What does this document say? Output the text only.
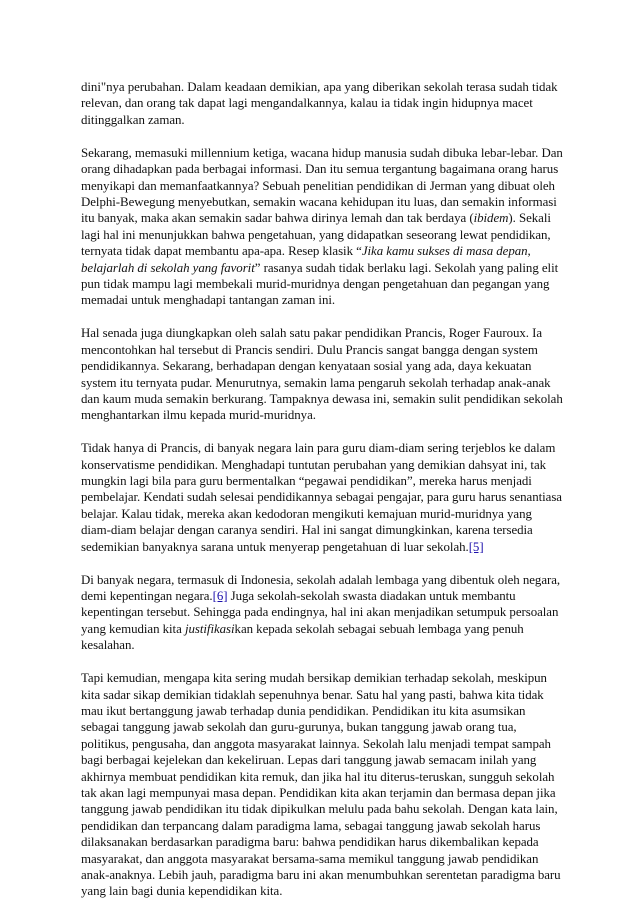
dini"nya perubahan. Dalam keadaan demikian, apa yang diberikan sekolah terasa sudah tidak relevan, dan orang tak dapat lagi mengandalkannya, kalau ia tidak ingin hidupnya macet ditinggalkan zaman.

Sekarang, memasuki millennium ketiga, wacana hidup manusia sudah dibuka lebar-lebar. Dan orang dihadapkan pada berbagai informasi. Dan itu semua tergantung bagaimana orang harus menyikapi dan memanfaatkannya? Sebuah penelitian pendidikan di Jerman yang dibuat oleh Delphi-Bewegung menyebutkan, semakin wacana kehidupan itu luas, dan semakin informasi itu banyak, maka akan semakin sadar bahwa dirinya lemah dan tak berdaya (ibidem). Sekali lagi hal ini menunjukkan bahwa pengetahuan, yang didapatkan seseorang lewat pendidikan, ternyata tidak dapat membantu apa-apa. Resep klasik “Jika kamu sukses di masa depan, belajarlah di sekolah yang favorit” rasanya sudah tidak berlaku lagi. Sekolah yang paling elit pun tidak mampu lagi membekali murid-muridnya dengan pengetahuan dan pegangan yang memadai untuk menghadapi tantangan zaman ini.

Hal senada juga diungkapkan oleh salah satu pakar pendidikan Prancis, Roger Fauroux. Ia mencontohkan hal tersebut di Prancis sendiri. Dulu Prancis sangat bangga dengan system pendidikannya. Sekarang, berhadapan dengan kenyataan sosial yang ada, daya kekuatan system itu ternyata pudar. Menurutnya, semakin lama pengaruh sekolah terhadap anak-anak dan kaum muda semakin berkurang. Tampaknya dewasa ini, semakin sulit pendidikan sekolah menghantarkan ilmu kepada murid-muridnya.

Tidak hanya di Prancis, di banyak negara lain para guru diam-diam sering terjeblos ke dalam konservatisme pendidikan. Menghadapi tuntutan perubahan yang demikian dahsyat ini, tak mungkin lagi bila para guru bermentalkan “pegawai pendidikan”, mereka harus menjadi pembelajar. Kendati sudah selesai pendidikannya sebagai pengajar, para guru harus senantiasa belajar. Kalau tidak, mereka akan kedodoran mengikuti kemajuan murid-muridnya yang diam-diam belajar dengan caranya sendiri. Hal ini sangat dimungkinkan, karena tersedia sedemikian banyaknya sarana untuk menyerap pengetahuan di luar sekolah.[5]

Di banyak negara, termasuk di Indonesia, sekolah adalah lembaga yang dibentuk oleh negara, demi kepentingan negara.[6] Juga sekolah-sekolah swasta diadakan untuk membantu kepentingan tersebut. Sehingga pada endingnya, hal ini akan menjadikan setumpuk persoalan yang kemudian kita justifikasikan kepada sekolah sebagai sebuah lembaga yang penuh kesalahan.

Tapi kemudian, mengapa kita sering mudah bersikap demikian terhadap sekolah, meskipun kita sadar sikap demikian tidaklah sepenuhnya benar. Satu hal yang pasti, bahwa kita tidak mau ikut bertanggung jawab terhadap dunia pendidikan. Pendidikan itu kita asumsikan sebagai tanggung jawab sekolah dan guru-gurunya, bukan tanggung jawab orang tua, politikus, pengusaha, dan anggota masyarakat lainnya. Sekolah lalu menjadi tempat sampah bagi berbagai kejelekan dan kekeliruan. Lepas dari tanggung jawab semacam inilah yang akhirnya membuat pendidikan kita remuk, dan jika hal itu diterus-teruskan, sungguh sekolah tak akan lagi mempunyai masa depan. Pendidikan kita akan terjamin dan bermasa depan jika tanggung jawab pendidikan itu tidak dipikulkan melulu pada bahu sekolah. Dengan kata lain, pendidikan dan terpancang dalam paradigma lama, sebagai tanggung jawab sekolah harus dilaksanakan berdasarkan paradigma baru: bahwa pendidikan harus dikembalikan kepada masyarakat, dan anggota masyarakat bersama-sama memikul tanggung jawab pendidikan anak-anaknya. Lebih jauh, paradigma baru ini akan menumbuhkan serentetan paradigma baru yang lain bagi dunia kependidikan kita.
